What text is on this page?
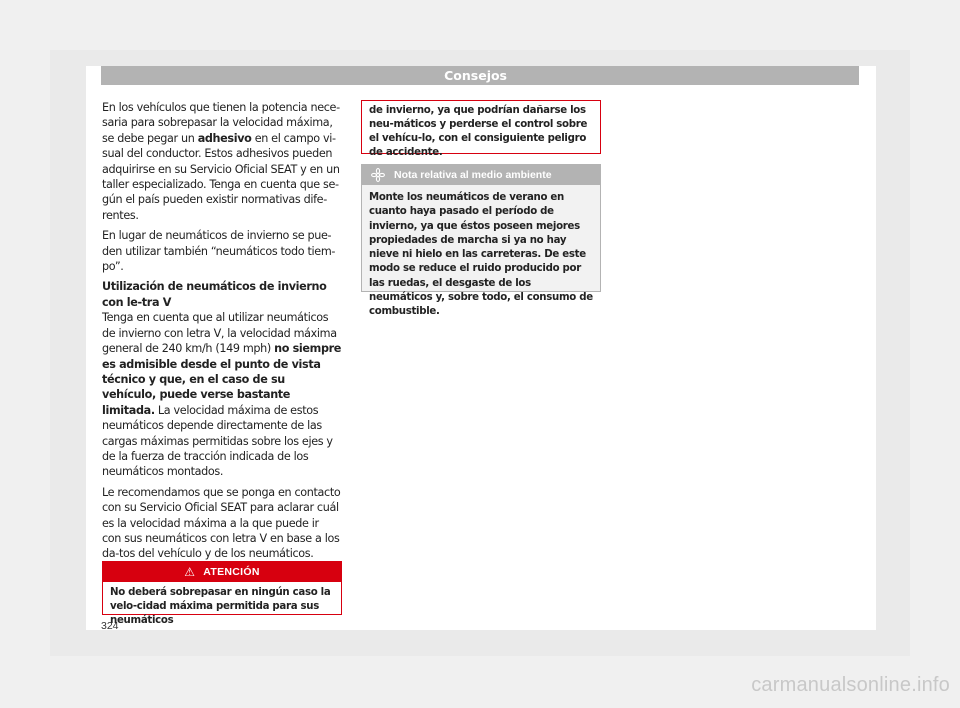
Consejos

En los vehículos que tienen la potencia nece-saria para sobrepasar la velocidad máxima, se debe pegar un adhesivo en el campo vi-sual del conductor. Estos adhesivos pueden adquirirse en su Servicio Oficial SEAT y en un taller especializado. Tenga en cuenta que se-gún el país pueden existir normativas dife-rentes.

En lugar de neumáticos de invierno se pue-den utilizar también “neumáticos todo tiem-po”.

Utilización de neumáticos de invierno con le-tra V

Tenga en cuenta que al utilizar neumáticos de invierno con letra V, la velocidad máxima general de 240 km/h (149 mph) no siempre es admisible desde el punto de vista técnico y que, en el caso de su vehículo, puede verse bastante limitada. La velocidad máxima de estos neumáticos depende directamente de las cargas máximas permitidas sobre los ejes y de la fuerza de tracción indicada de los neumáticos montados.

Le recomendamos que se ponga en contacto con su Servicio Oficial SEAT para aclarar cuál es la velocidad máxima a la que puede ir con sus neumáticos con letra V en base a los da-tos del vehículo y de los neumáticos.

⚠ ATENCIÓN
No deberá sobrepasar en ningún caso la velo-cidad máxima permitida para sus neumáticos
de invierno, ya que podrían dañarse los neu-máticos y perderse el control sobre el vehícu-lo, con el consiguiente peligro de accidente.
Nota relativa al medio ambiente
Monte los neumáticos de verano en cuanto haya pasado el período de invierno, ya que éstos poseen mejores propiedades de marcha si ya no hay nieve ni hielo en las carreteras. De este modo se reduce el ruido producido por las ruedas, el desgaste de los neumáticos y, sobre todo, el consumo de combustible.
324
carmanualsonline.info
